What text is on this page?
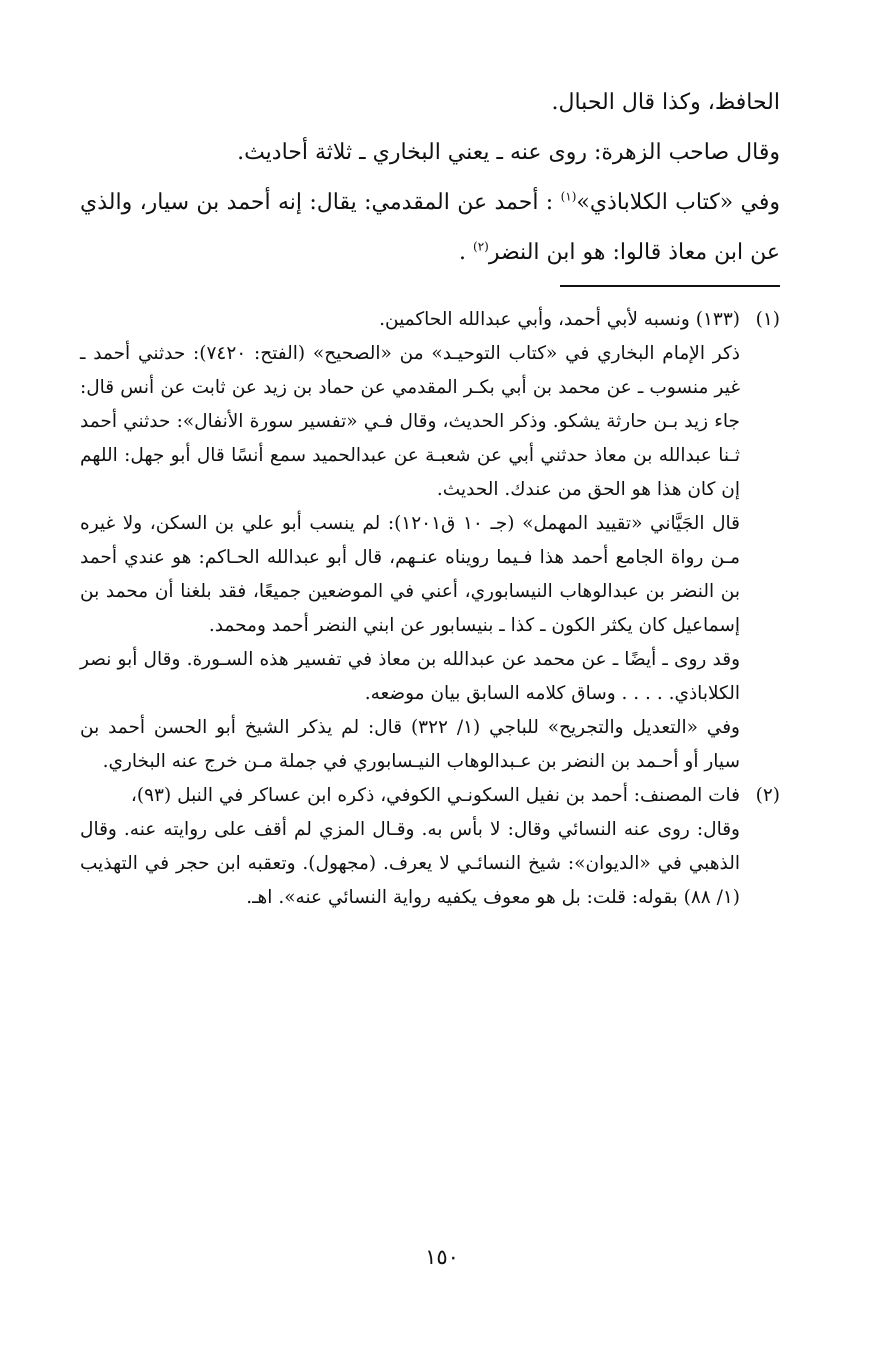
الحافظ، وكذا قال الحبال.

وقال صاحب الزهرة: روى عنه ـ يعني البخاري ـ ثلاثة أحاديث.

وفي «كتاب الكلاباذي»$^{(١)}$ : أحمد عن المقدمي: يقال: إنه أحمد بن سيار، والذي عن ابن معاذ قالوا: هو ابن النضر$^{(٢)}$ .

(١)
(١٣٣) ونسبه لأبي أحمد، وأبي عبدالله الحاكمين.

ذكر الإمام البخاري في «كتاب التوحيـد» من «الصحيح» (الفتح: ٧٤٢٠): حدثني أحمد ـ غير منسوب ـ عن محمد بن أبي بكـر المقدمي عن حماد بن زيد عن ثابت عن أنس قال: جاء زيد بـن حارثة يشكو. وذكر الحديث، وقال فـي «تفسير سورة الأنفال»: حدثني أحمد ثـنا عبدالله بن معاذ حدثني أبي عن شعبـة عن عبدالحميد سمع أنسًا قال أبو جهل: اللهم إن كان هذا هو الحق من عندك. الحديث.

قال الجَيَّاني «تقييد المهمل» (جـ ١٠ ق١٢٠١): لم ينسب أبو علي بن السكن، ولا غيره مـن رواة الجامع أحمد هذا فـيما رويناه عنـهم، قال أبو عبدالله الحـاكم: هو عندي أحمد بن النضر بن عبدالوهاب النيسابوري، أعني في الموضعين جميعًا، فقد بلغنا أن محمد بن إسماعيل كان يكثر الكون ـ كذا ـ بنيسابور عن ابني النضر أحمد ومحمد.

وقد روى ـ أيضًا ـ عن محمد عن عبدالله بن معاذ في تفسير هذه السـورة. وقال أبو نصر الكلاباذي. . . . . وساق كلامه السابق بيان موضعه.

وفي «التعديل والتجريح» للباجي (١/ ٣٢٢) قال: لم يذكر الشيخ أبو الحسن أحمد بن سيار أو أحـمد بن النضر بن عـبدالوهاب النيـسابوري في جملة مـن خرج عنه البخاري.

(٢)
فات المصنف: أحمد بن نفيل السكونـي الكوفي، ذكره ابن عساكر في النبل (٩٣)،

وقال: روى عنه النسائي وقال: لا بأس به. وقـال المزي لم أقف على روايته عنه. وقال الذهبي في «الديوان»: شيخ النسائـي لا يعرف. (مجهول). وتعقبه ابن حجر في التهذيب (١/ ٨٨) بقوله: قلت: بل هو معوف يكفيه رواية النسائي عنه». اهـ.

١٥٠
